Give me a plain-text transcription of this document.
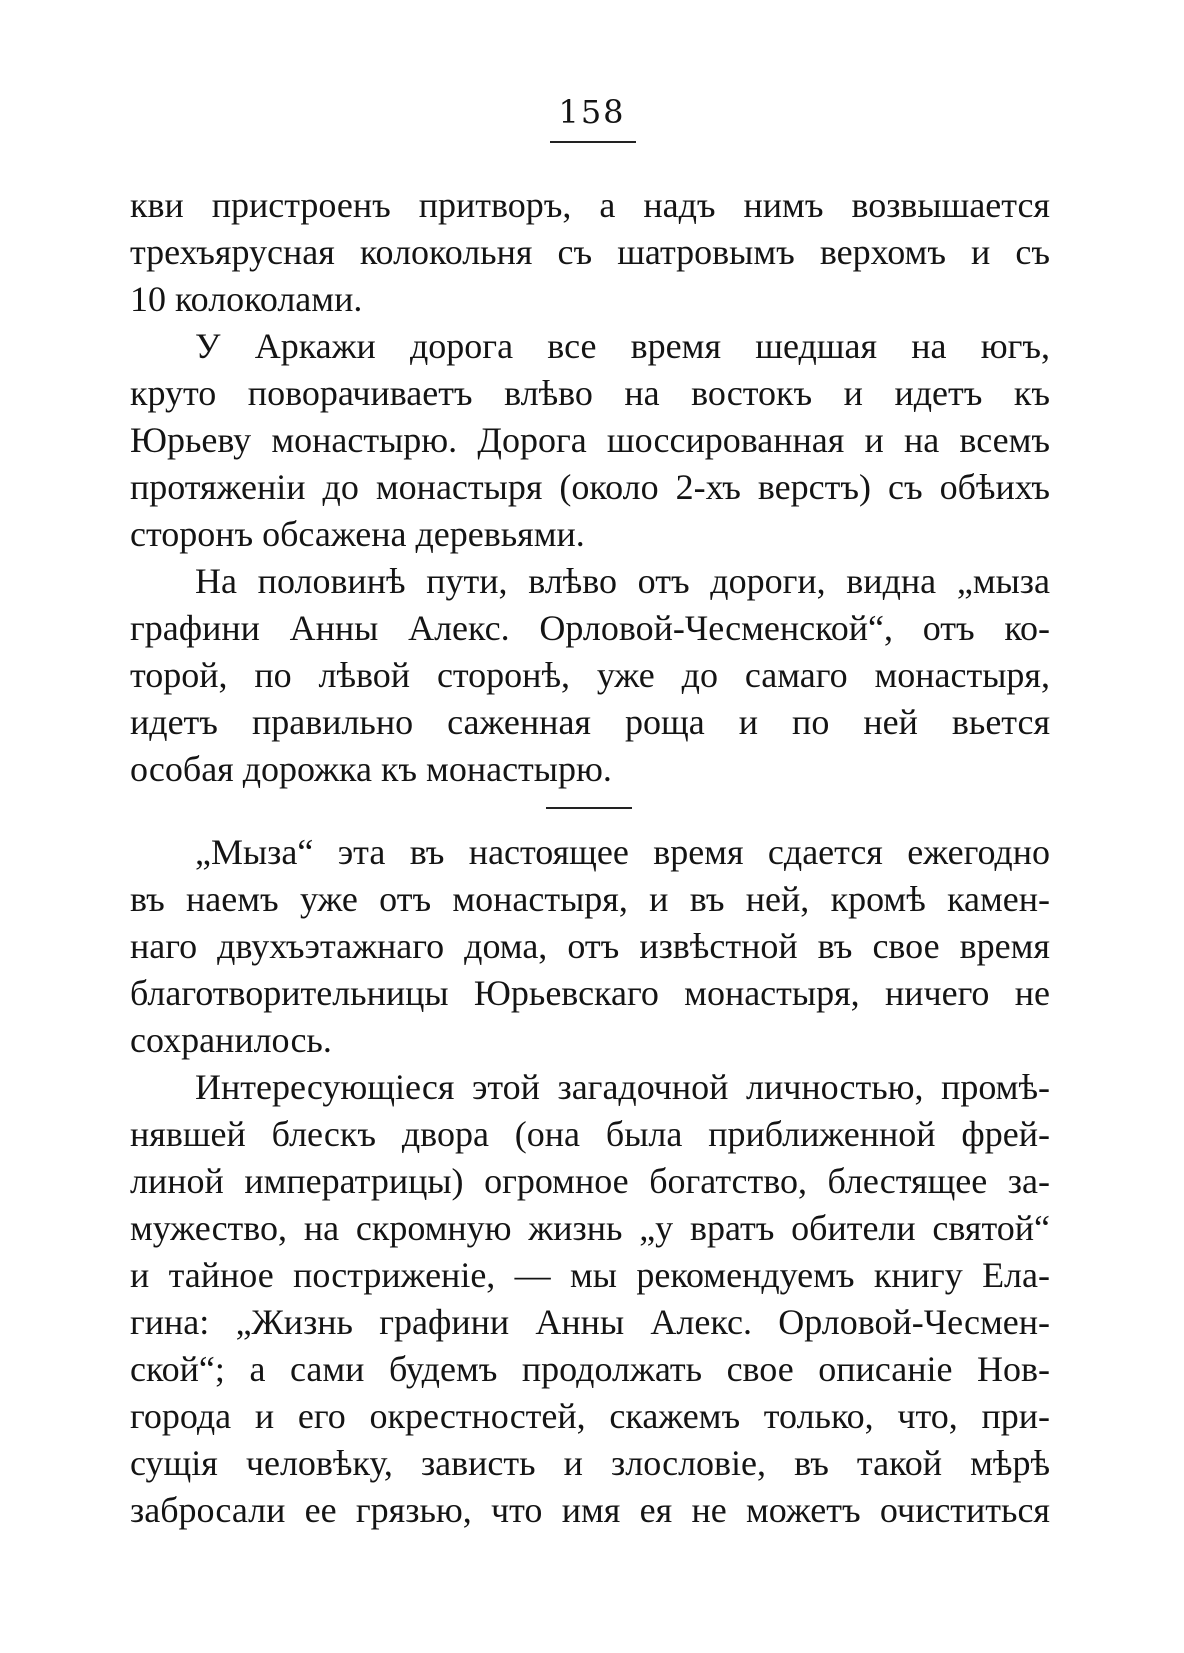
158
кви пристроенъ притворъ, а надъ нимъ возвышается
трехъярусная колокольня съ шатровымъ верхомъ и съ
10 колоколами.
У Аркажи дорога все время шедшая на югъ,
круто поворачиваетъ влѣво на востокъ и идетъ къ
Юрьеву монастырю. Дорога шоссированная и на всемъ
протяженіи до монастыря (около 2-хъ верстъ) съ обѣихъ
сторонъ обсажена деревьями.
На половинѣ пути, влѣво отъ дороги, видна „мыза
графини Анны Алекс. Орловой-Чесменской“, отъ ко-
торой, по лѣвой сторонѣ, уже до самаго монастыря,
идетъ правильно саженная роща и по ней вьется
особая дорожка къ монастырю.
„Мыза“ эта въ настоящее время сдается ежегодно
въ наемъ уже отъ монастыря, и въ ней, кромѣ камен-
наго двухъэтажнаго дома, отъ извѣстной въ свое время
благотворительницы Юрьевскаго монастыря, ничего не
сохранилось.
Интересующіеся этой загадочной личностью, промѣ-
нявшей блескъ двора (она была приближенной фрей-
линой императрицы) огромное богатство, блестящее за-
мужество, на скромную жизнь „у вратъ обители святой“
и тайное постриженіе, — мы рекомендуемъ книгу Ела-
гина: „Жизнь графини Анны Алекс. Орловой-Чесмен-
ской“; а сами будемъ продолжать свое описаніе Нов-
города и его окрестностей, скажемъ только, что, при-
сущія человѣку, зависть и злословіе, въ такой мѣрѣ
забросали ее грязью, что имя ея не можетъ очиститься
